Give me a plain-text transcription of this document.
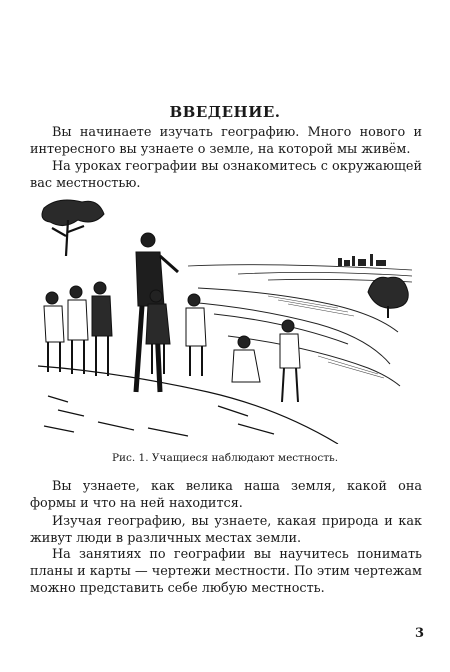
ВВЕДЕНИЕ.

Вы начинаете изучать географию. Много нового и интересного вы узнаете о земле, на которой мы живём.

На уроках географии вы ознакомитесь с окружающей вас местностью.

Рис. 1. Учащиеся наблюдают местность.

Вы узнаете, как велика наша земля, какой она формы и что на ней находится.

Изучая географию, вы узнаете, какая природа и как живут люди в различных местах земли.

На занятиях по географии вы научитесь понимать планы и карты — чертежи местности. По этим чертежам можно представить себе любую местность.

3
